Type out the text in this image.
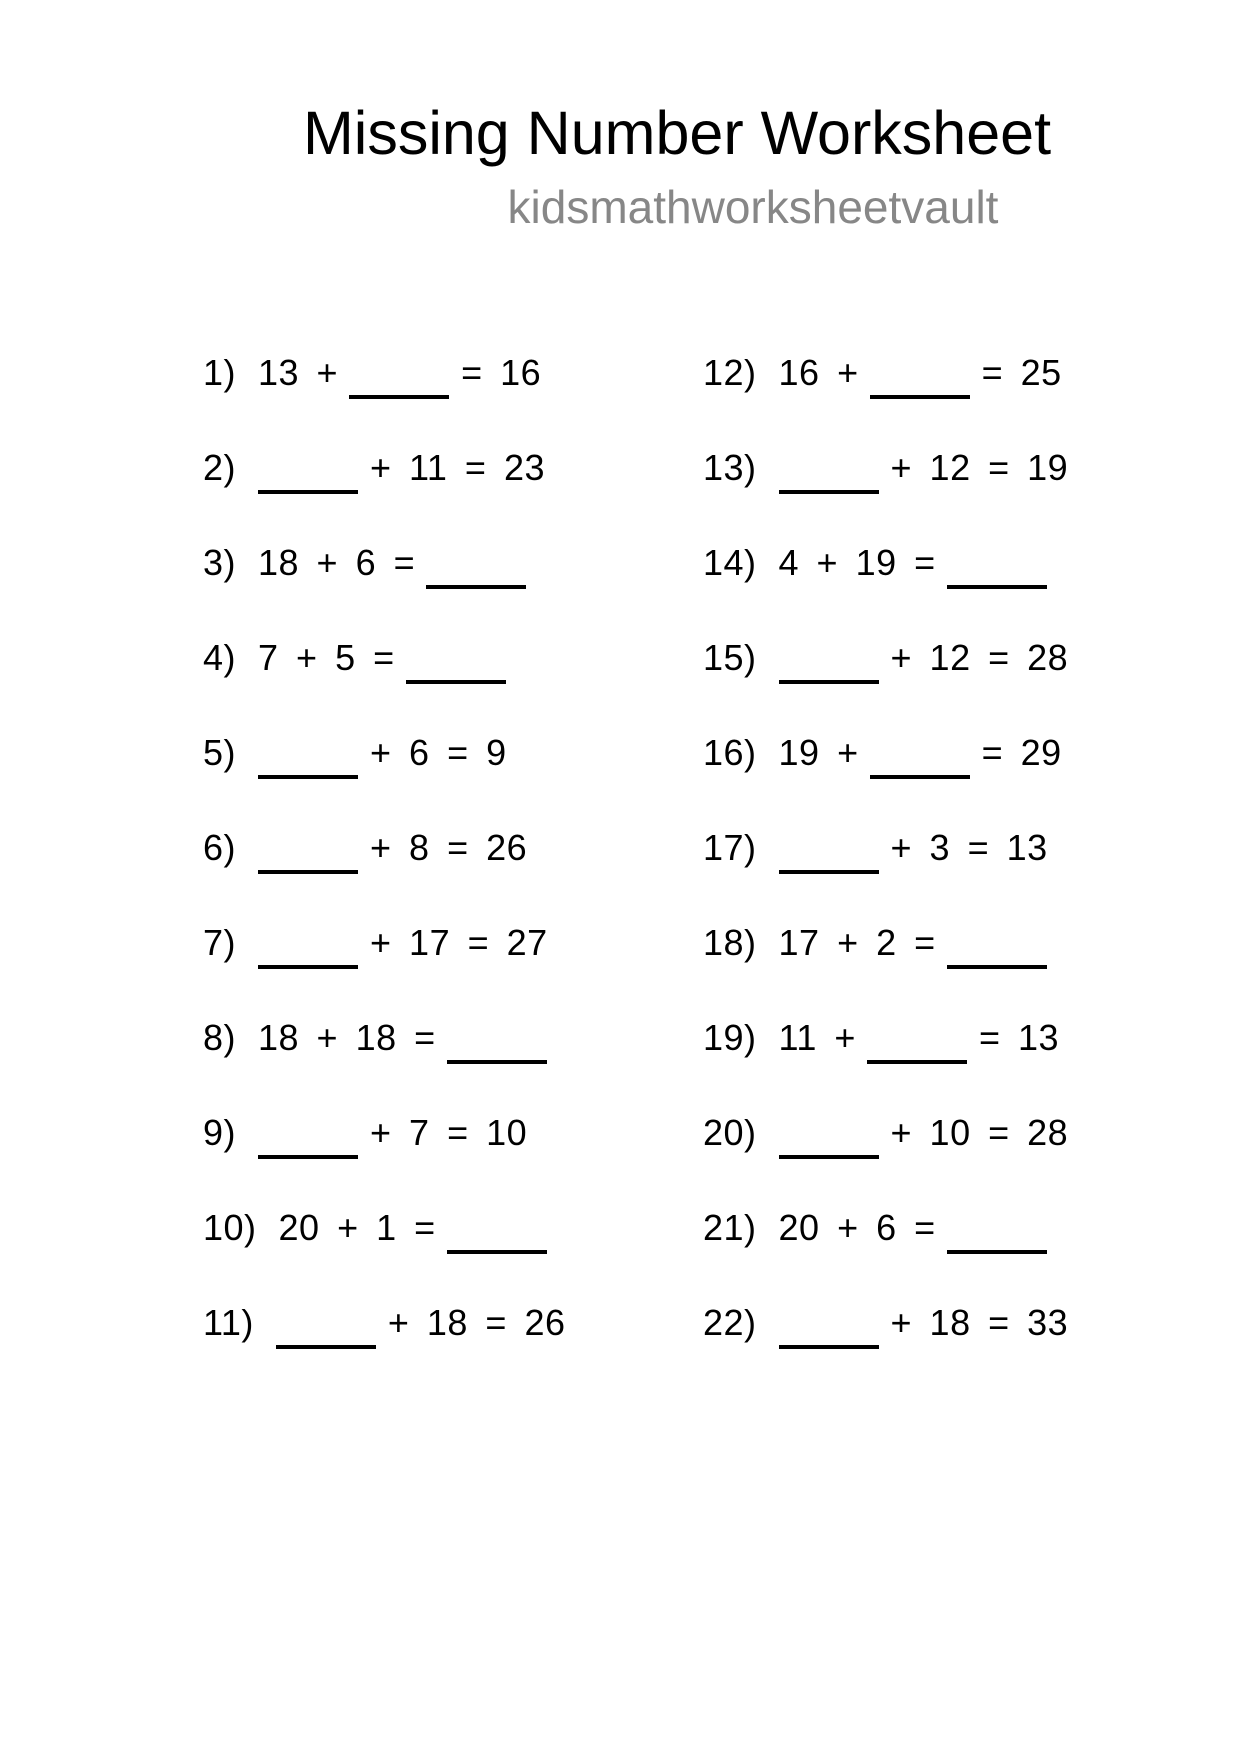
Missing Number Worksheet
kidsmathworksheetvault
1) 13 +	= 16
2)	+ 11 = 23
3) 18 + 6 =
4) 7 + 5 =
5)	+ 6 = 9
6)	+ 8 = 26
7)	+ 17 = 27
8) 18 + 18 =
9)	+ 7 = 10
10) 20 + 1 =
11)	+ 18 = 26
12) 16 +	= 25
13)	+ 12 = 19
14) 4 + 19 =
15)	+ 12 = 28
16) 19 +	= 29
17)	+ 3 = 13
18) 17 + 2 =
19) 11 +	= 13
20)	+ 10 = 28
21) 20 + 6 =
22)	+ 18 = 33
